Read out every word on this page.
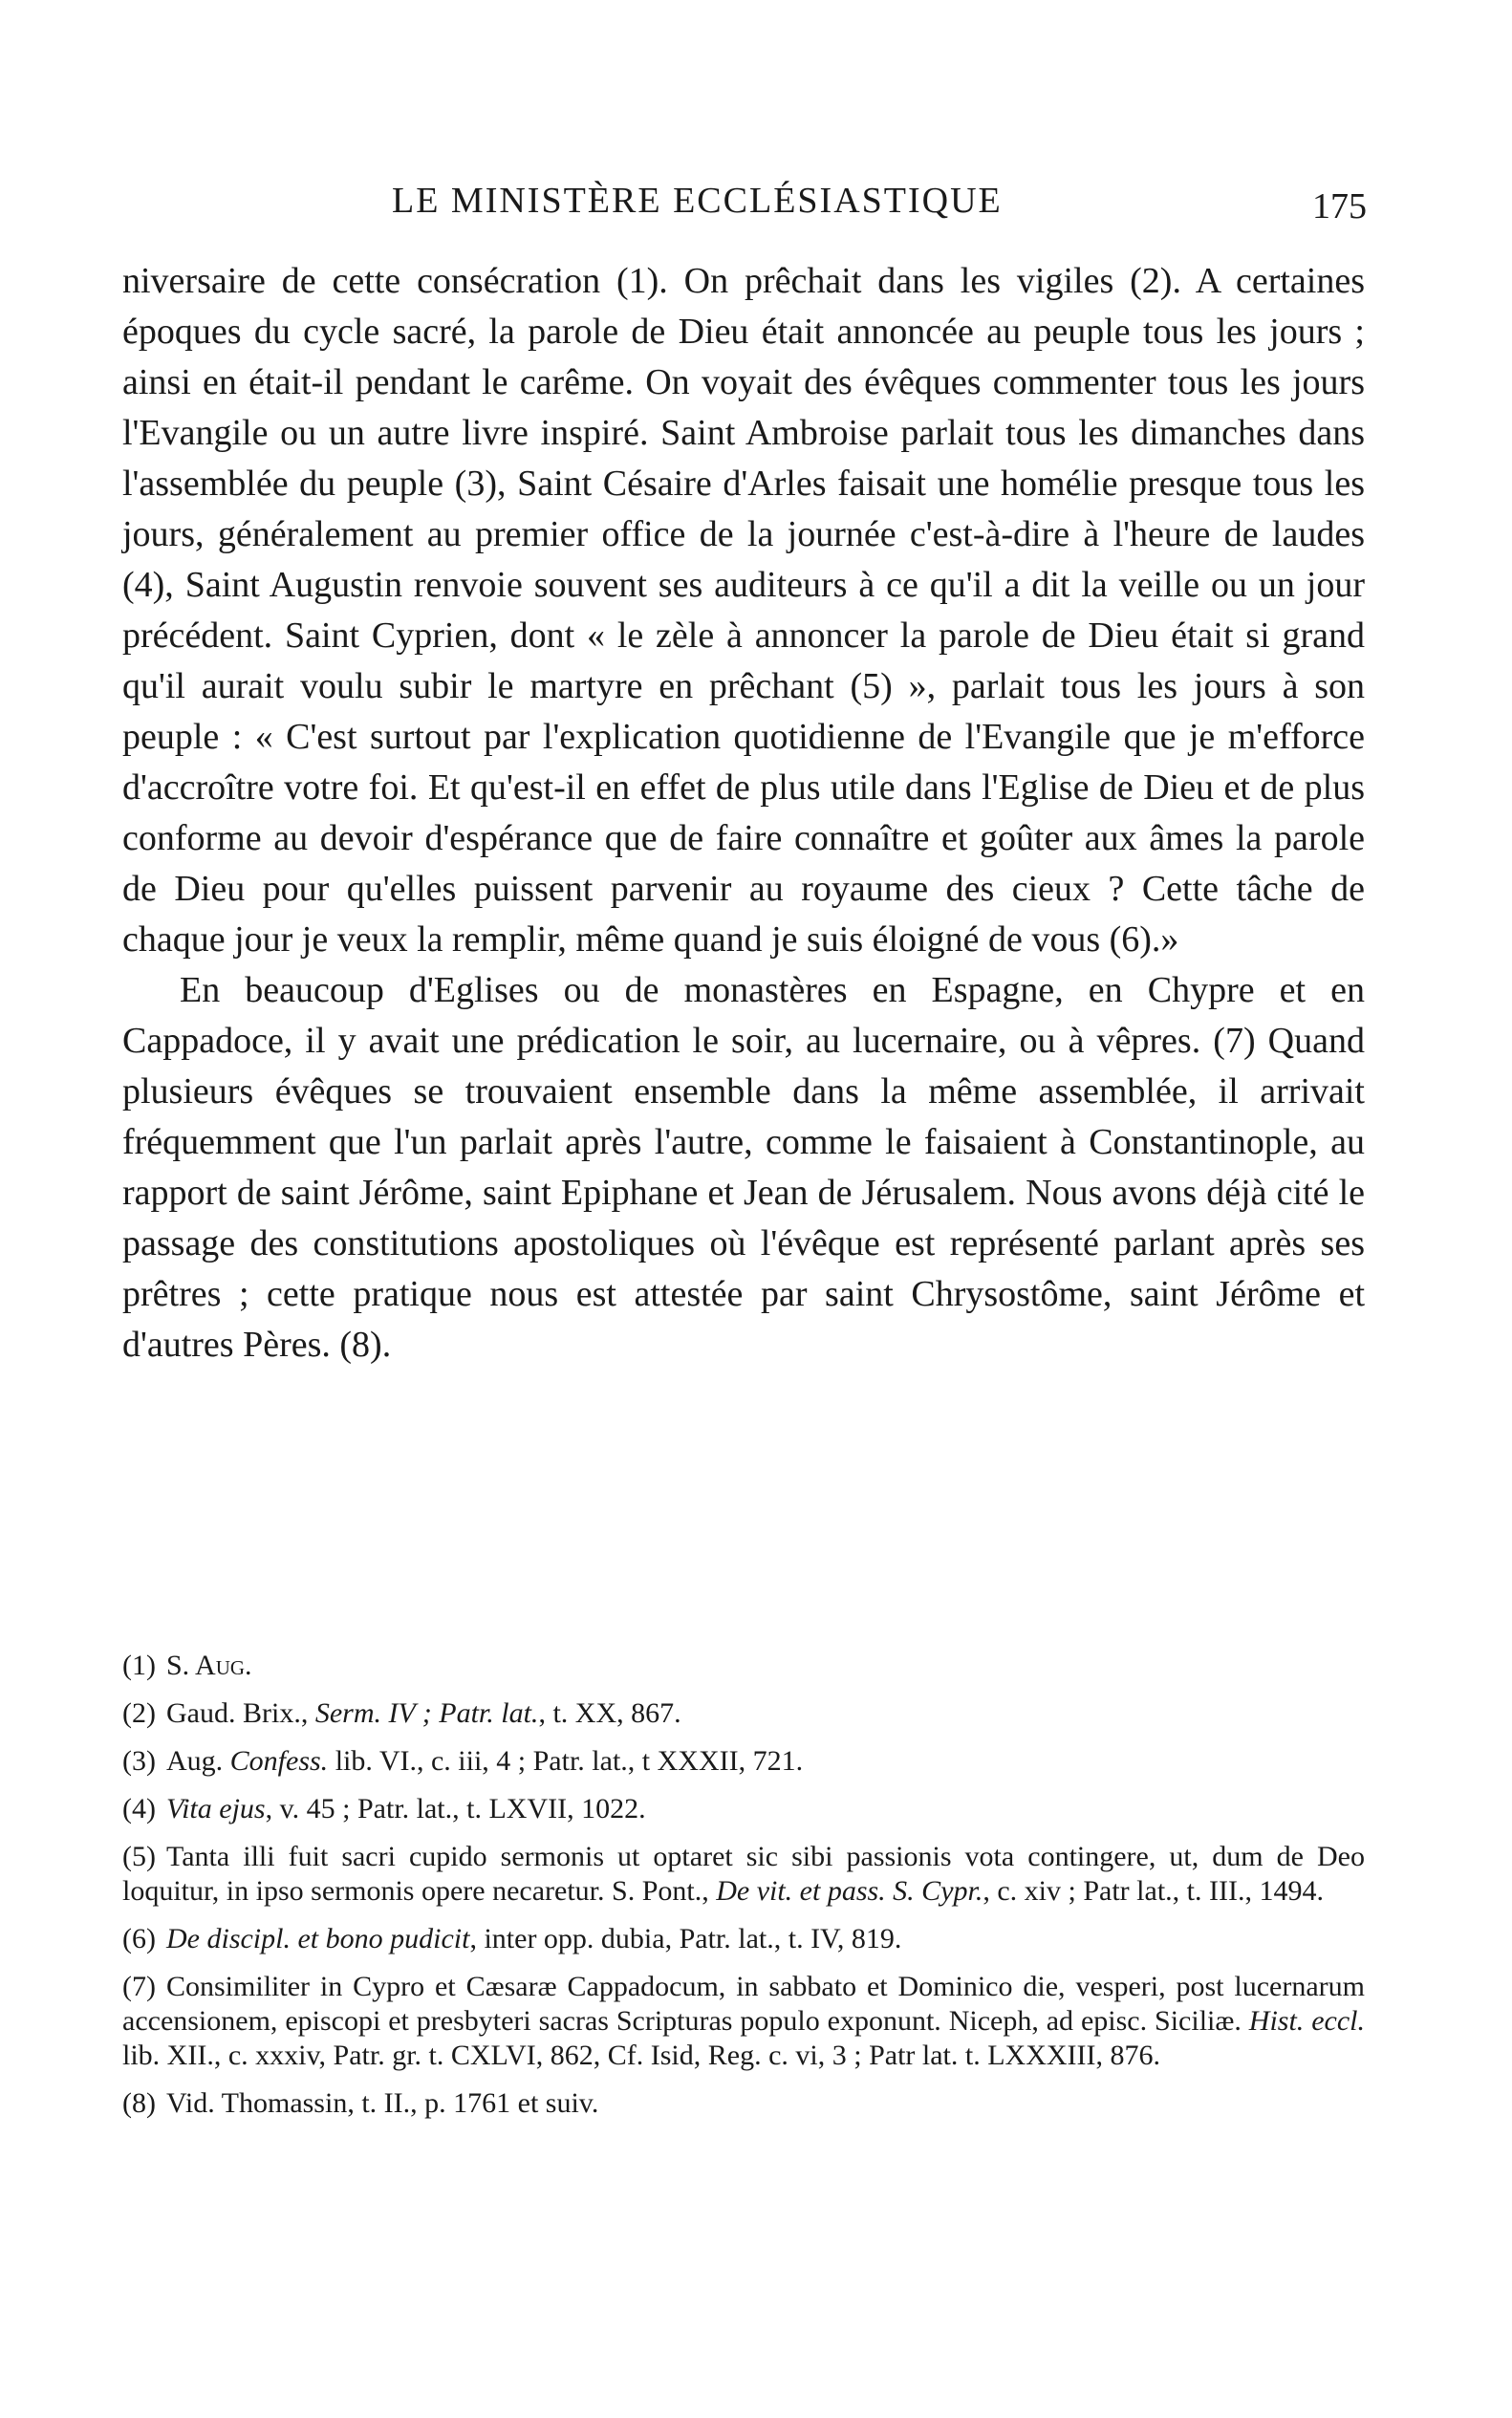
LE MINISTÈRE ECCLÉSIASTIQUE	175

niversaire de cette consécration (1). On prêchait dans les vigiles (2). A certaines époques du cycle sacré, la parole de Dieu était annoncée au peuple tous les jours ; ainsi en était-il pendant le carême. On voyait des évêques commenter tous les jours l'Evangile ou un autre livre inspiré. Saint Ambroise parlait tous les dimanches dans l'assemblée du peuple (3), Saint Césaire d'Arles faisait une homélie presque tous les jours, généralement au premier office de la journée c'est-à-dire à l'heure de laudes (4), Saint Augustin renvoie souvent ses auditeurs à ce qu'il a dit la veille ou un jour précédent. Saint Cyprien, dont « le zèle à annoncer la parole de Dieu était si grand qu'il aurait voulu subir le martyre en prêchant (5) », parlait tous les jours à son peuple : « C'est surtout par l'explication quotidienne de l'Evangile que je m'efforce d'accroître votre foi. Et qu'est-il en effet de plus utile dans l'Eglise de Dieu et de plus conforme au devoir d'espérance que de faire connaître et goûter aux âmes la parole de Dieu pour qu'elles puissent parvenir au royaume des cieux ? Cette tâche de chaque jour je veux la remplir, même quand je suis éloigné de vous (6).»

En beaucoup d'Eglises ou de monastères en Espagne, en Chypre et en Cappadoce, il y avait une prédication le soir, au lucernaire, ou à vêpres. (7) Quand plusieurs évêques se trouvaient ensemble dans la même assemblée, il arrivait fréquemment que l'un parlait après l'autre, comme le faisaient à Constantinople, au rapport de saint Jérôme, saint Epiphane et Jean de Jérusalem. Nous avons déjà cité le passage des constitutions apostoliques où l'évêque est représenté parlant après ses prêtres ; cette pratique nous est attestée par saint Chrysostôme, saint Jérôme et d'autres Pères. (8).

(1) S. Aug.

(2) Gaud. Brix., Serm. IV ; Patr. lat., t. XX, 867.

(3) Aug. Confess. lib. VI., c. iii, 4 ; Patr. lat., t XXXII, 721.

(4) Vita ejus, v. 45 ; Patr. lat., t. LXVII, 1022.

(5) Tanta illi fuit sacri cupido sermonis ut optaret sic sibi passionis vota contingere, ut, dum de Deo loquitur, in ipso sermonis opere necaretur. S. Pont., De vit. et pass. S. Cypr., c. xiv ; Patr lat., t. III., 1494.

(6) De discipl. et bono pudicit, inter opp. dubia, Patr. lat., t. IV, 819.

(7) Consimiliter in Cypro et Cæsaræ Cappadocum, in sabbato et Dominico die, vesperi, post lucernarum accensionem, episcopi et presbyteri sacras Scripturas populo exponunt. Niceph, ad episc. Siciliæ. Hist. eccl. lib. XII., c. xxxiv, Patr. gr. t. CXLVI, 862, Cf. Isid, Reg. c. vi, 3 ; Patr lat. t. LXXXIII, 876.

(8) Vid. Thomassin, t. II., p. 1761 et suiv.
